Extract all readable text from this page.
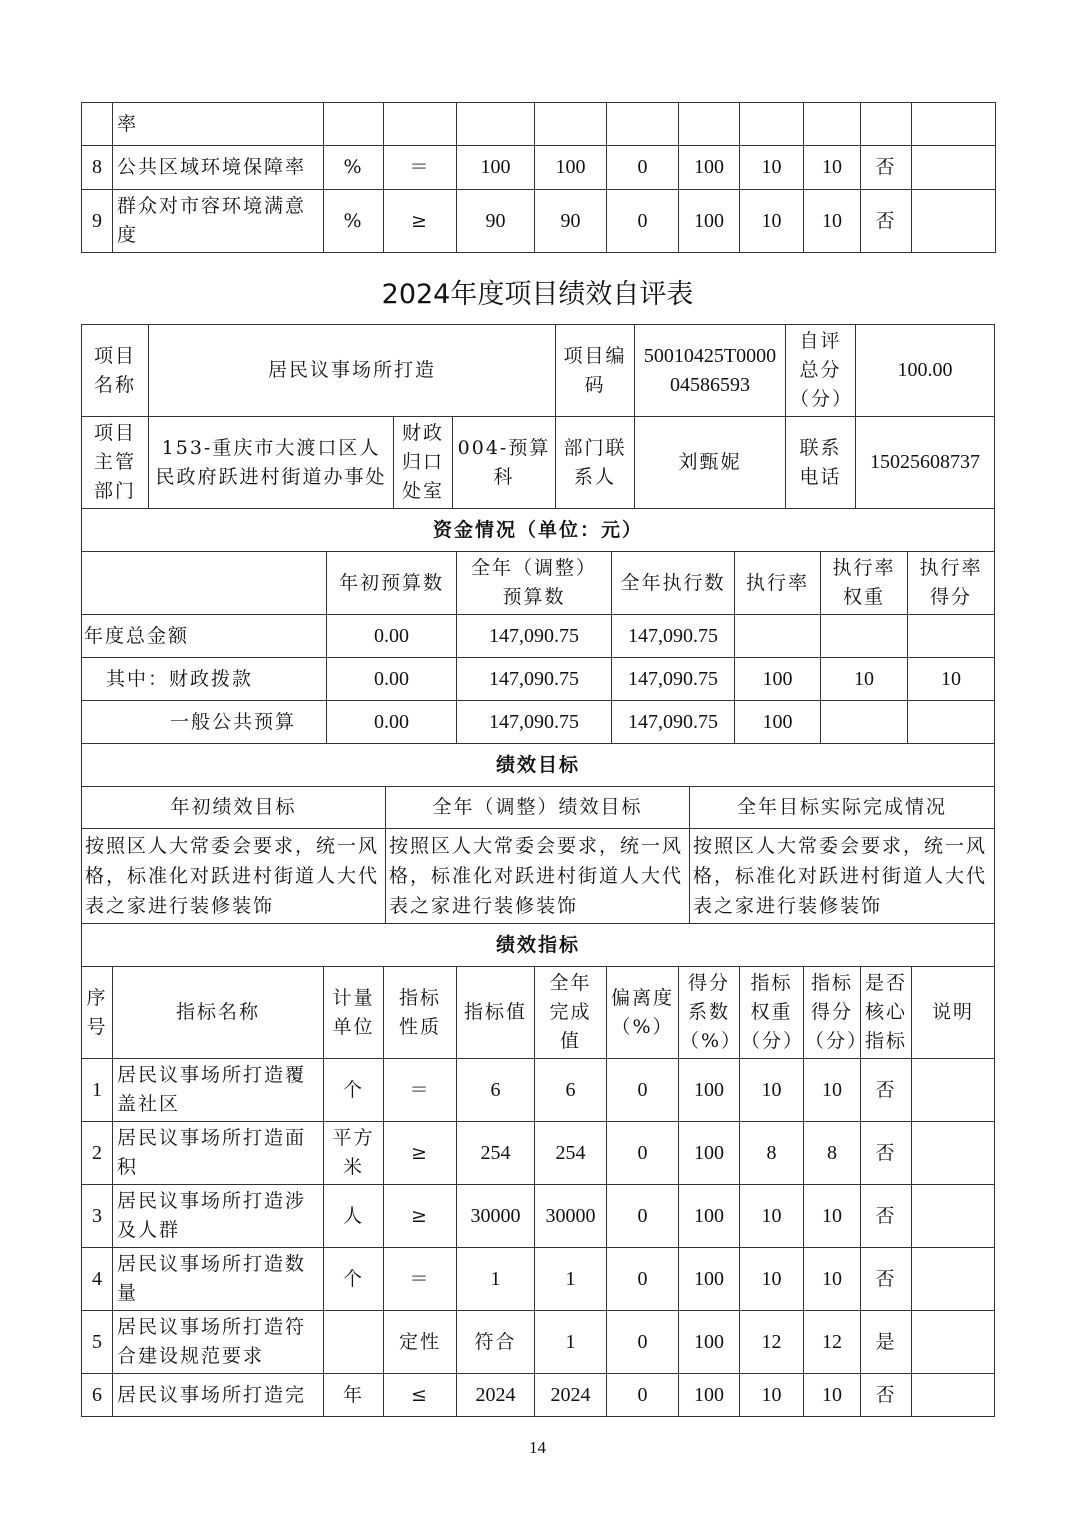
	率										
8	公共区域环境保障率	%	＝	100	100	0	100	10	10	否	
9	群众对市容环境满意度	%	≥	90	90	0	100	10	10	否	
2024年度项目绩效自评表
项目名称	居民议事场所打造			项目编码	50010425T000004586593	自评总分（分）	100.00
项目主管部门	153-重庆市大渡口区人民政府跃进村街道办事处	财政归口处室	004-预算科	部门联系人	刘甄妮	联系电话	15025608737
资金情况（单位：元）						
	年初预算数	全年（调整）预算数	全年执行数	执行率	执行率权重	执行率得分
年度总金额	0.00	147,090.75	147,090.75			
其中：财政拨款	0.00	147,090.75	147,090.75	100	10	10
一般公共预算	0.00	147,090.75	147,090.75	100		
绩效目标		
年初绩效目标	全年（调整）绩效目标	全年目标实际完成情况
按照区人大常委会要求，统一风格，标准化对跃进村街道人大代表之家进行装修装饰	按照区人大常委会要求，统一风格，标准化对跃进村街道人大代表之家进行装修装饰	按照区人大常委会要求，统一风格，标准化对跃进村街道人大代表之家进行装修装饰
绩效指标											
序号	指标名称	计量单位	指标性质	指标值	全年完成值	偏离度（%）	得分系数（%）	指标权重（分）	指标得分（分）	是否核心指标	说明
1	居民议事场所打造覆盖社区	个	＝	6	6	0	100	10	10	否	
2	居民议事场所打造面积	平方米	≥	254	254	0	100	8	8	否	
3	居民议事场所打造涉及人群	人	≥	30000	30000	0	100	10	10	否	
4	居民议事场所打造数量	个	＝	1	1	0	100	10	10	否	
5	居民议事场所打造符合建设规范要求		定性	符合	1	0	100	12	12	是	
6	居民议事场所打造完	年	≤	2024	2024	0	100	10	10	否	
14
